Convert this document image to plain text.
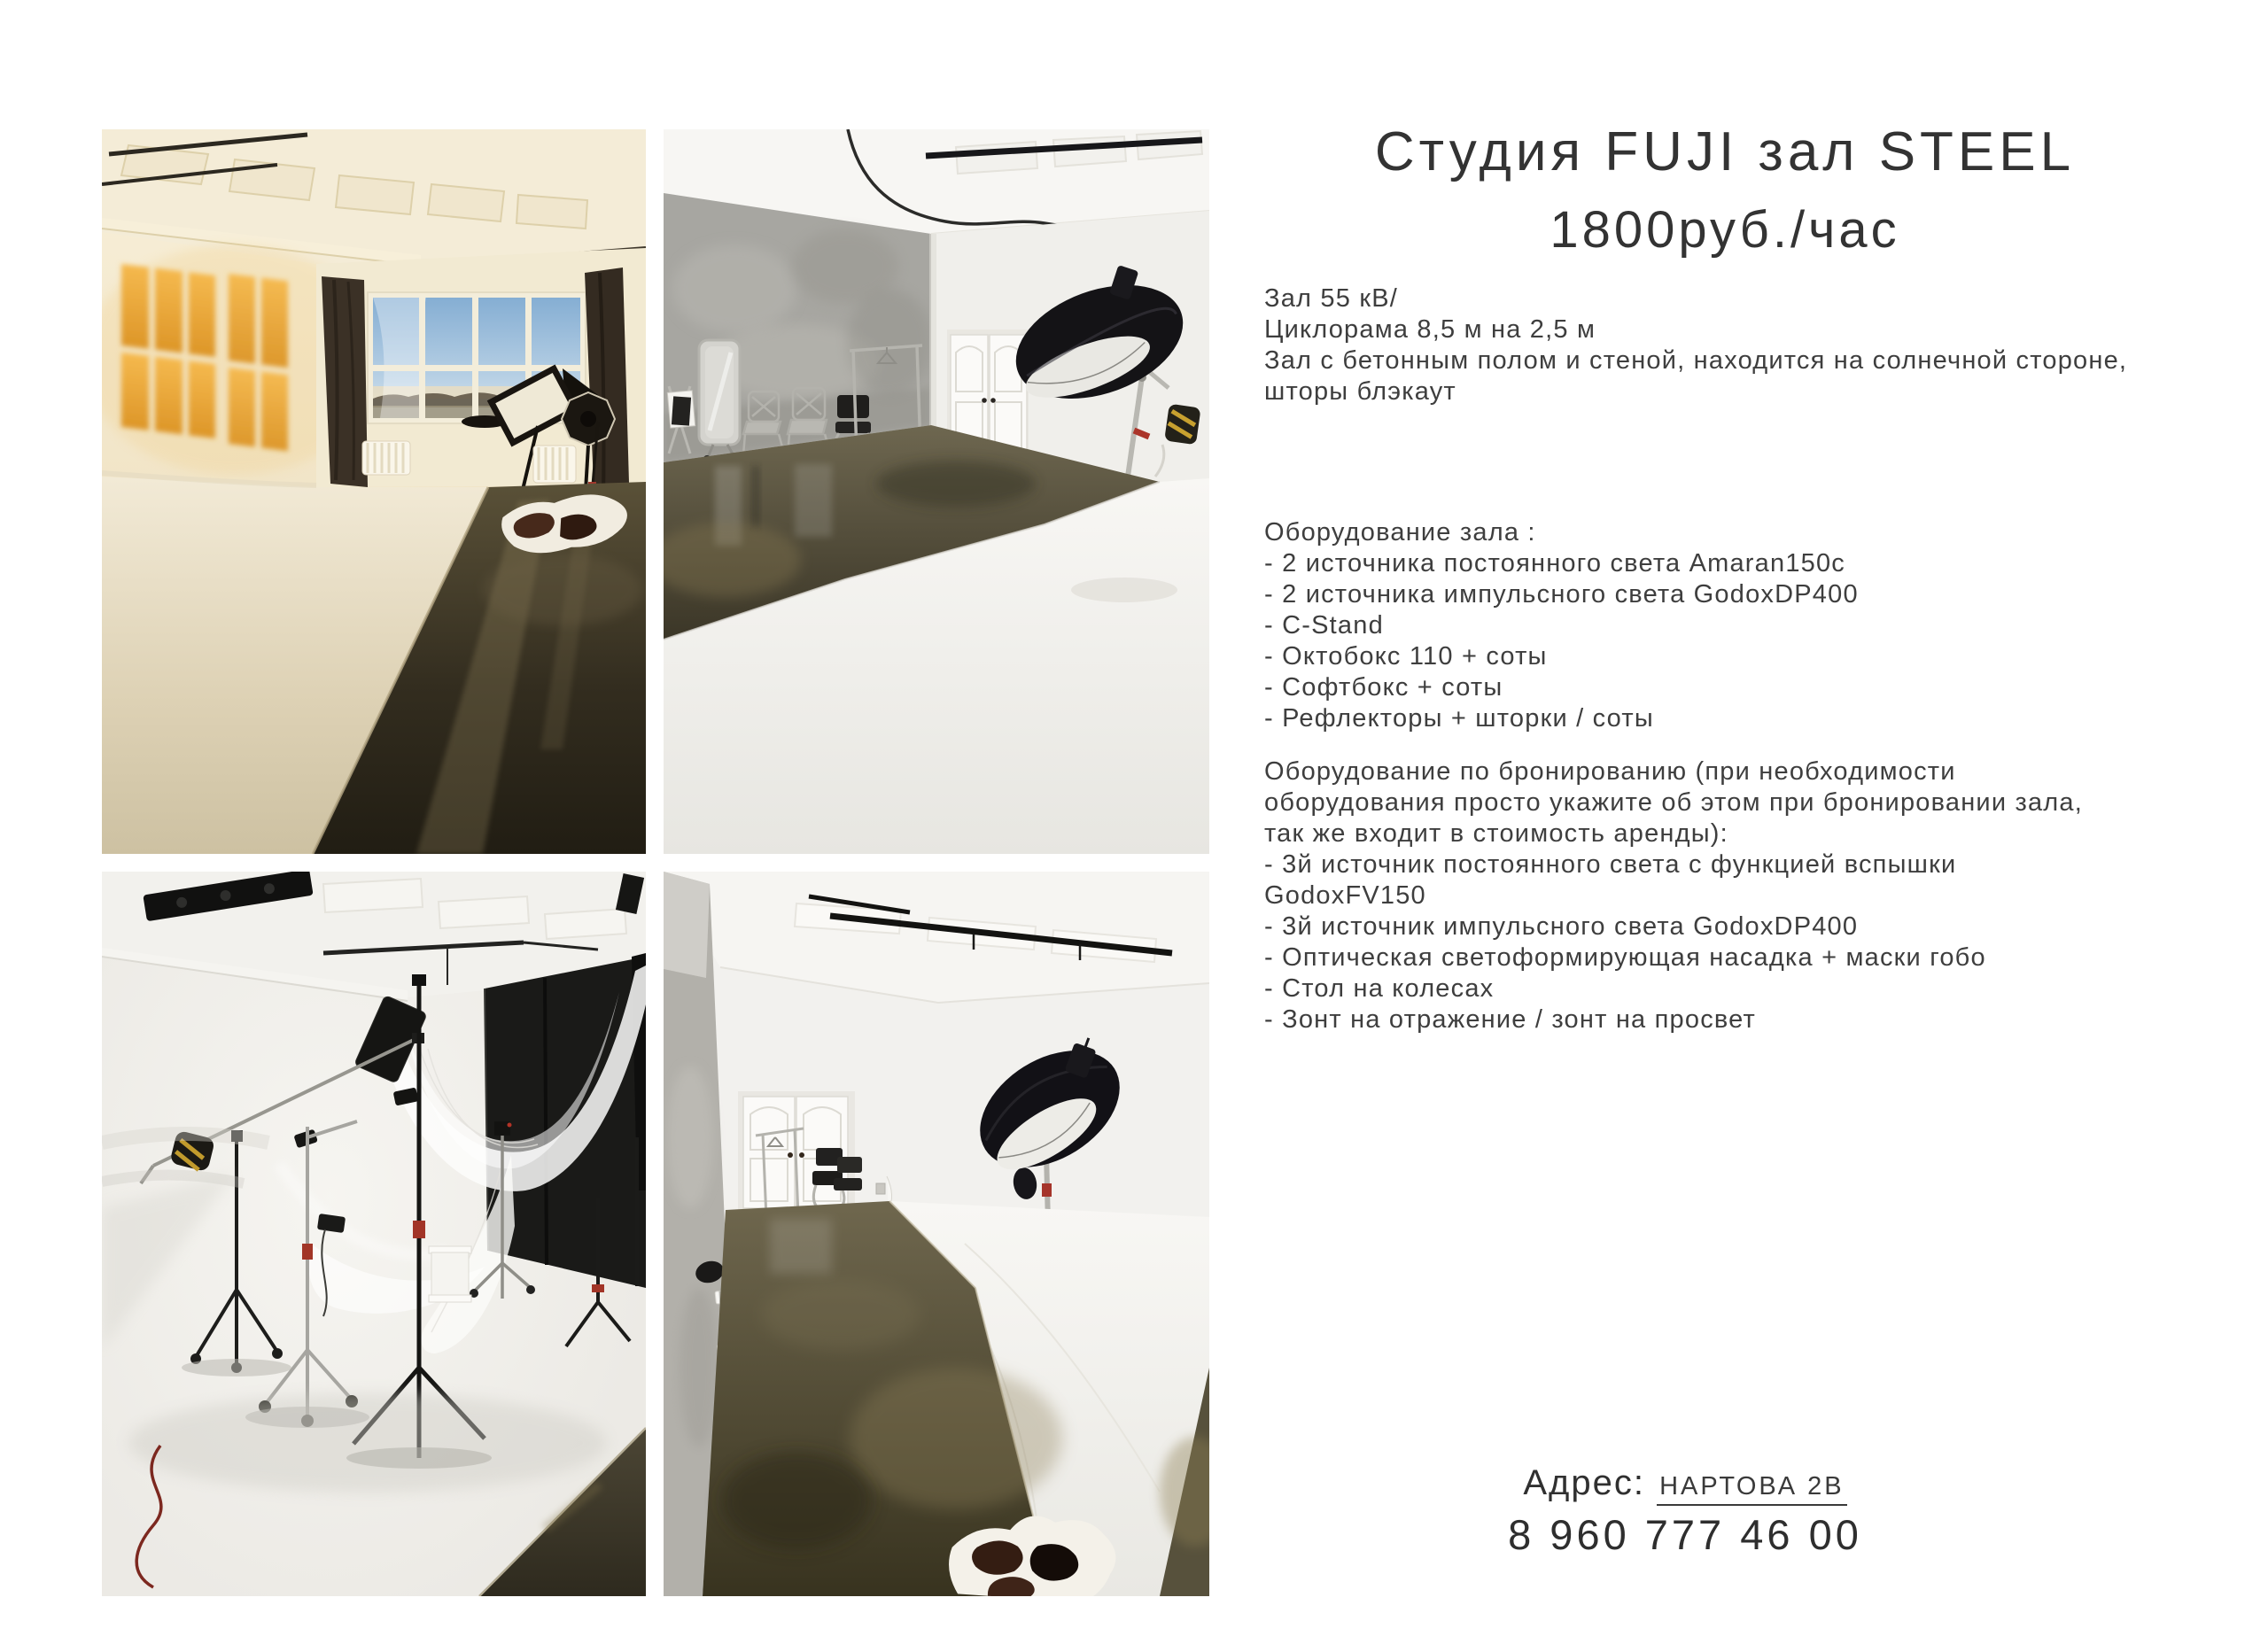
Студия FUJI зал STEEL
1800руб./час
Зал 55 кВ/
Циклорама 8,5 м на 2,5 м
Зал с бетонным полом и стеной, находится на солнечной стороне,
шторы блэкаут
Оборудование зала :
- 2 источника постоянного света Amaran150c
- 2 источника импульсного света GodoxDP400
- C-Stand
- Октобокс 110 + соты
- Софтбокс + соты
- Рефлекторы + шторки / соты
Оборудование по бронированию (при необходимости
оборудования просто укажите об этом при бронировании зала,
так же входит в стоимость аренды):
- 3й источник постоянного света с функцией вспышки
GodoxFV150
- 3й источник импульсного света GodoxDP400
- Оптическая светоформирующая насадка + маски гобо
- Стол на колесах
- Зонт на отражение / зонт на просвет
Адрес: НАРТОВА 2В
8 960 777 46 00
